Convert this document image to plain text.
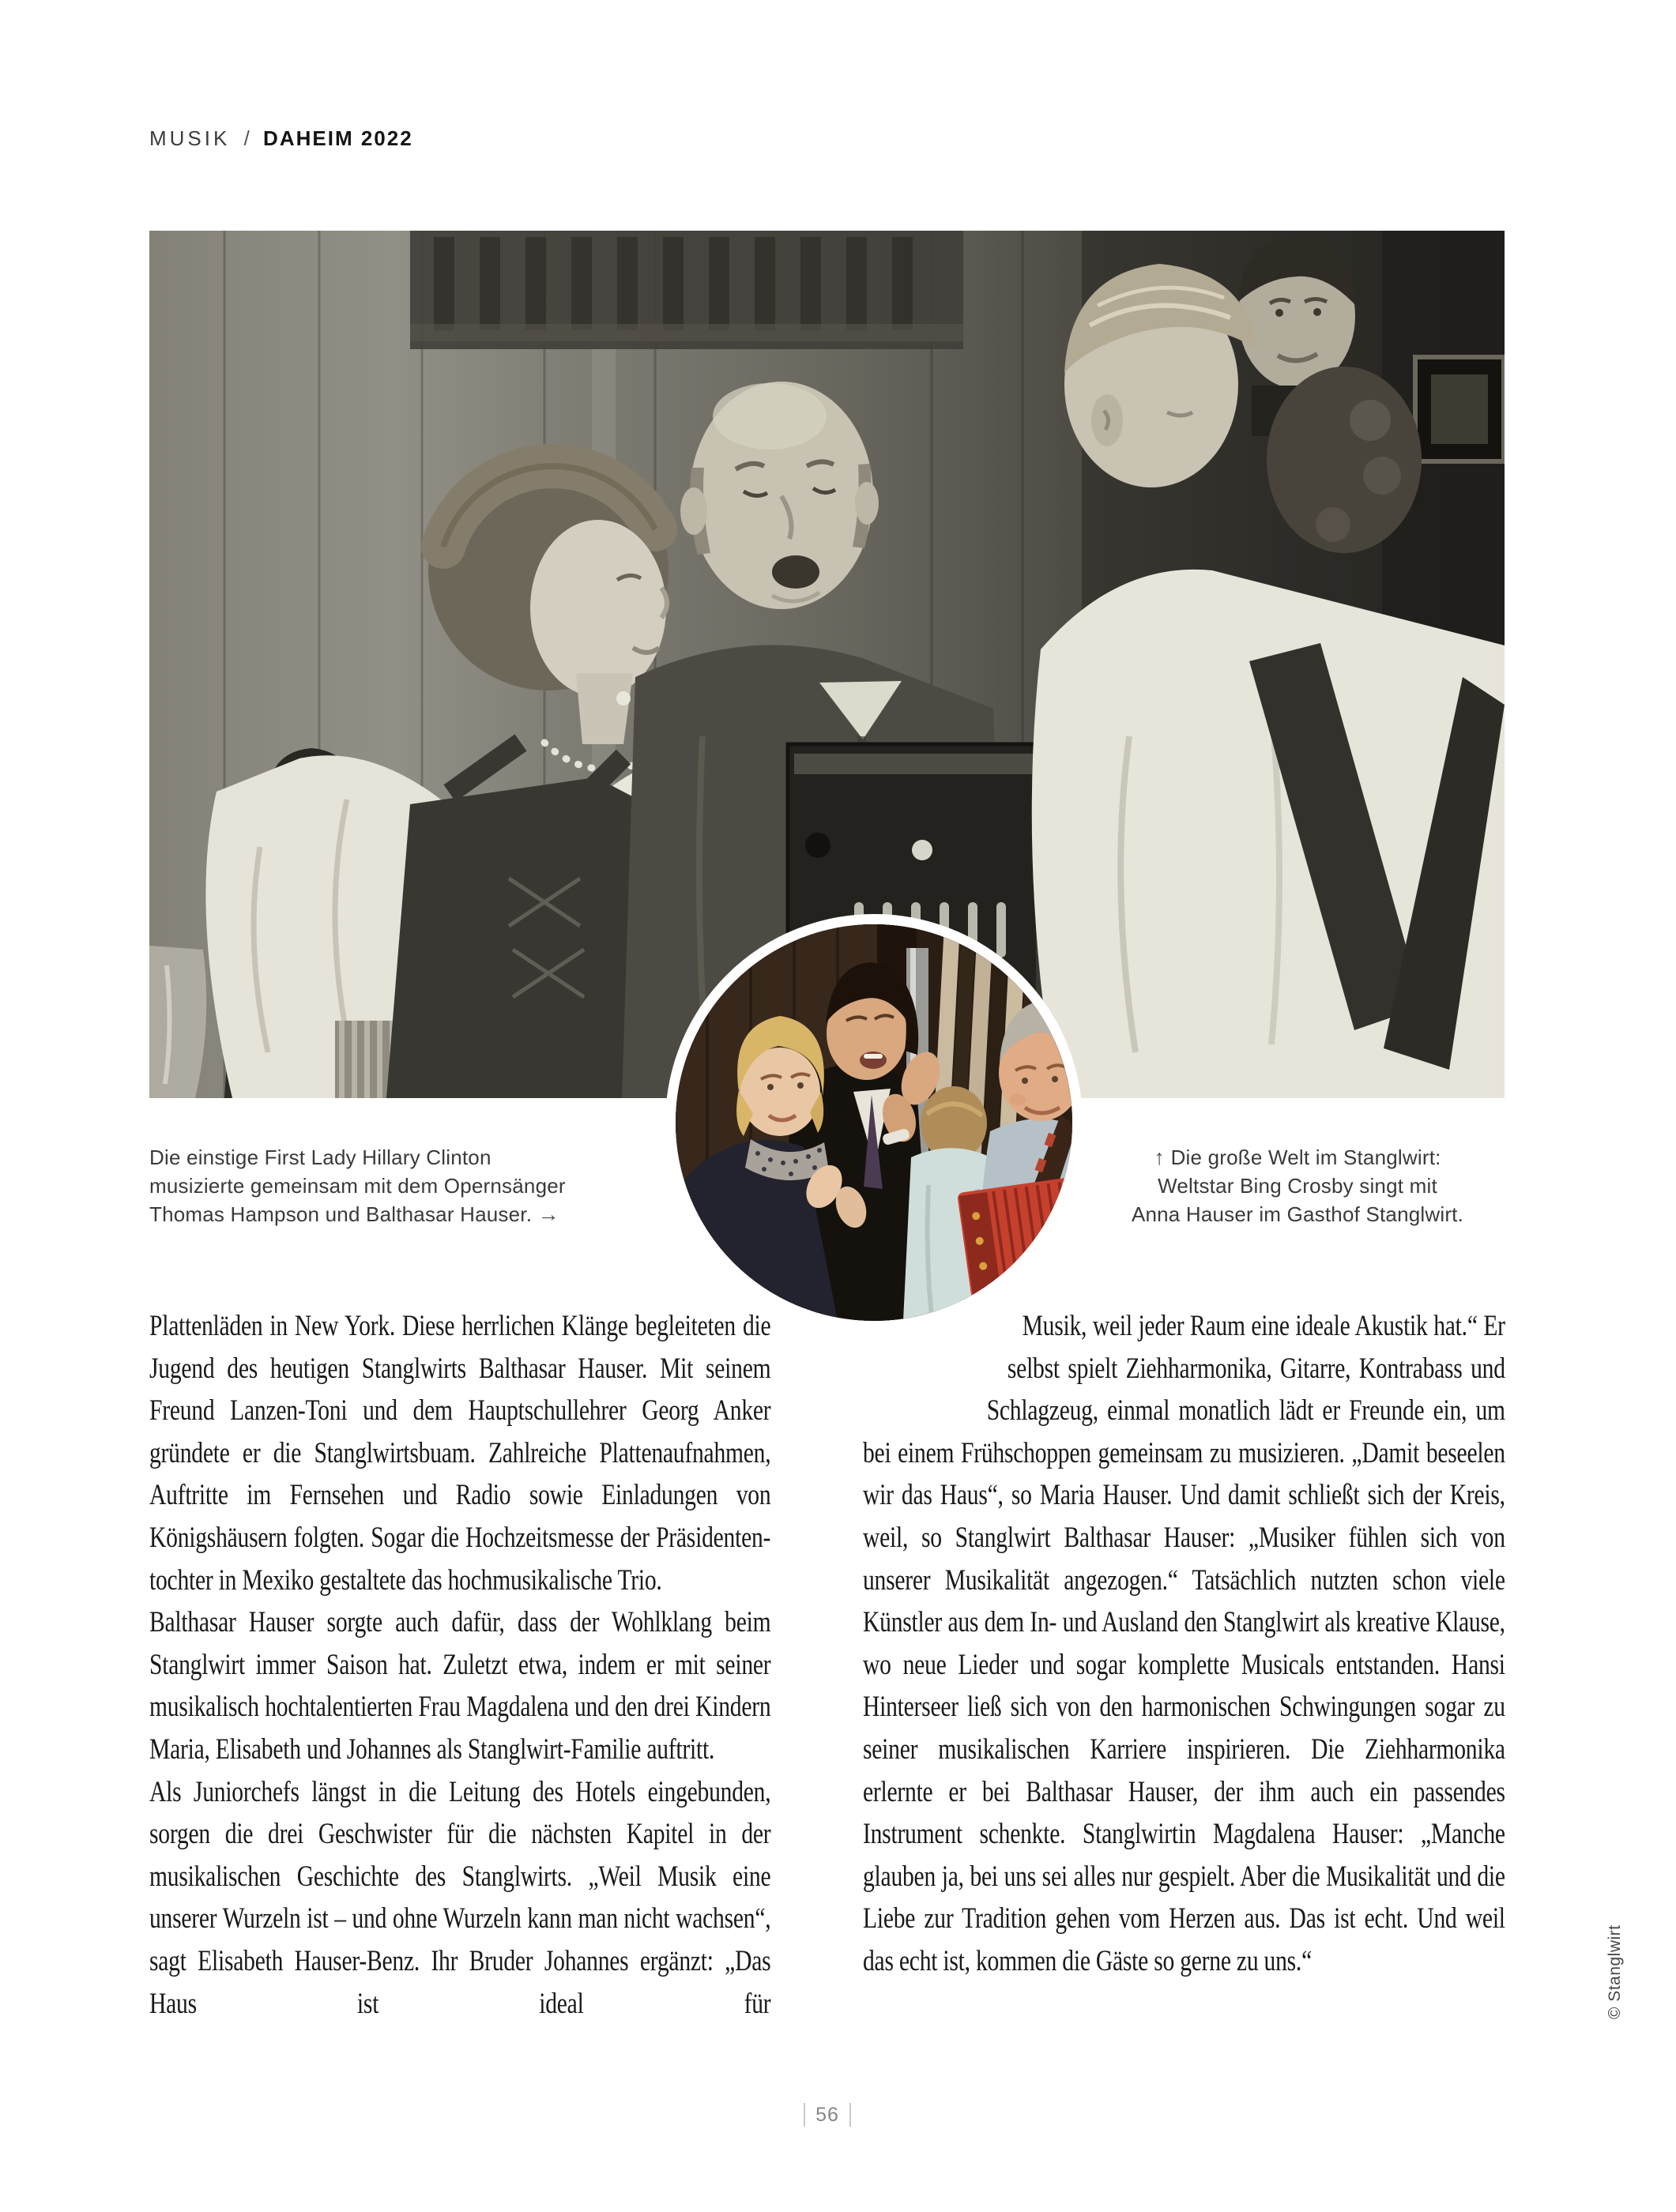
MUSIK / DAHEIM 2022
Die einstige First Lady Hillary Clinton
musizierte gemeinsam mit dem Opernsänger
Thomas Hampson und Balthasar Hauser. →
↑ Die große Welt im Stanglwirt:
Weltstar Bing Crosby singt mit
Anna Hauser im Gasthof Stanglwirt.

Plattenläden in New York. Diese herrlichen Klänge begleiteten die Jugend des heutigen Stanglwirts Balthasar Hauser. Mit seinem Freund Lanzen-Toni und dem Hauptschullehrer Georg Anker gründete er die Stanglwirtsbuam. Zahlreiche Plattenaufnahmen, Auftritte im Fernsehen und Radio sowie Einladungen von Königshäusern folgten. Sogar die Hochzeitsmesse der Präsidententochter in Mexiko gestaltete das hochmusikalische Trio.

Balthasar Hauser sorgte auch dafür, dass der Wohlklang beim Stanglwirt immer Saison hat. Zuletzt etwa, indem er mit seiner musikalisch hochtalentierten Frau Magdalena und den drei Kindern Maria, Elisabeth und Johannes als Stanglwirt-Familie auftritt.

Als Juniorchefs längst in die Leitung des Hotels eingebunden, sorgen die drei Geschwister für die nächsten Kapitel in der musikalischen Geschichte des Stanglwirts. „Weil Musik eine unserer Wurzeln ist – und ohne Wurzeln kann man nicht wachsen“, sagt Elisabeth Hauser-Benz. Ihr Bruder Johannes ergänzt: „Das Haus ist ideal für

Musik, weil jeder Raum eine ideale Akustik hat.“ Er selbst spielt Ziehharmonika, Gitarre, Kontrabass und Schlagzeug, einmal monatlich lädt er Freunde ein, um bei einem Frühschoppen gemeinsam zu musizieren. „Damit beseelen wir das Haus“, so Maria Hauser. Und damit schließt sich der Kreis, weil, so Stanglwirt Balthasar Hauser: „Musiker fühlen sich von unserer Musikalität angezogen.“ Tatsächlich nutzten schon viele Künstler aus dem In- und Ausland den Stanglwirt als kreative Klause, wo neue Lieder und sogar komplette Musicals entstanden. Hansi Hinterseer ließ sich von den harmonischen Schwingungen sogar zu seiner musikalischen Karriere inspirieren. Die Ziehharmonika erlernte er bei Balthasar Hauser, der ihm auch ein passendes Instrument schenkte. Stanglwirtin Magdalena Hauser: „Manche glauben ja, bei uns sei alles nur gespielt. Aber die Musikalität und die Liebe zur Tradition gehen vom Herzen aus. Das ist echt. Und weil das echt ist, kommen die Gäste so gerne zu uns.“

56
© Stanglwirt
